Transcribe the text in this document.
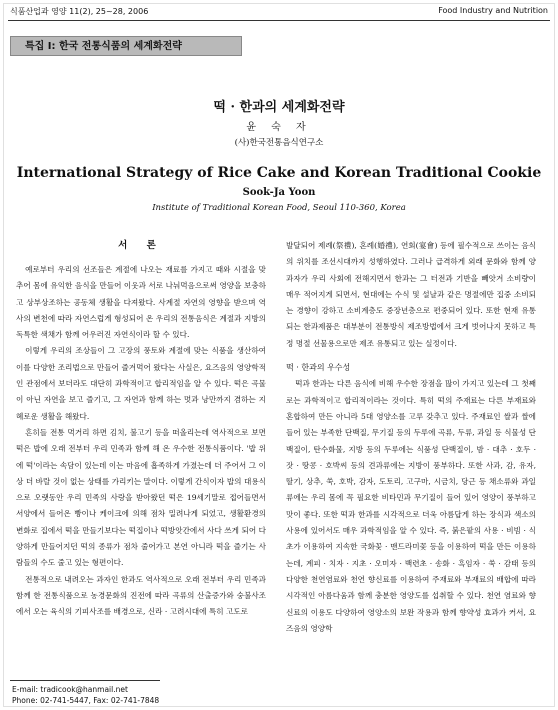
식품산업과 영양 11(2), 25~28, 2006	Food Industry and Nutrition
특집 Ⅰ: 한국 전통식품의 세계화전략
떡 · 한과의 세계화전략
윤 숙 자
(사)한국전통음식연구소
International Strategy of Rice Cake and Korean Traditional Cookie
Sook-Ja Yoon
Institute of Traditional Korean Food, Seoul 110-360, Korea
서 론

예로부터 우리의 선조들은 계절에 나오는 재료를 가지고 때와 시절을 맞추어 몸에 유익한 음식을 만들어 이웃과 서로 나눠먹음으로써 영양을 보충하고 상부상조하는 공동체 생활을 다져왔다. 사계절 자연의 영향을 받으며 역사의 변천에 따라 자연스럽게 형성되어 온 우리의 전통음식은 계절과 지방의 독특한 색채가 함께 어우러진 자연식이라 할 수 있다.

이렇게 우리의 조상들이 그 고장의 풍토와 계절에 맞는 식품을 생산하여 이를 다양한 조리법으로 만들어 즐겨먹어 왔다는 사실은, 요즈음의 영양학적인 관점에서 보더라도 대단히 과학적이고 합리적임을 알 수 있다. 떡은 곡물이 아닌 자연을 보고 즐기고, 그 자연과 함께 하는 멋과 낭만까지 겸하는 지혜로운 생활을 해왔다.

흔히들 전통 먹거리 하면 김치, 불고기 등을 떠올리는데 역사적으로 보면 떡은 밥에 오래 전부터 우리 민족과 함께 해 온 우수한 전통식품이다. '밥 위에 떡'이라는 속담이 있는데 이는 마음에 흡족하게 가졌는데 더 주어서 그 이상 더 바랄 것이 없는 상태를 가리키는 말이다. 이렇게 간식이자 밥의 대용식으로 오랫동안 우리 민족의 사랑을 받아왔던 떡은 19세기말로 접어들면서 서양에서 들어온 빵이나 케이크에 의해 점차 밀려나게 되었고, 생활환경의 변화로 집에서 떡을 만들기보다는 떡집이나 떡방앗간에서 사다 쓰게 되어 다양하게 만들어지던 떡의 종류가 점차 줄어가고 본연 아니라 떡을 즐기는 사람들의 수도 줄고 있는 형편이다.

전통적으로 내려오는 과자인 한과도 역사적으로 오래 전부터 우리 민족과 함께 한 전통식품으로 농경문화의 진전에 따라 곡류의 산출증가와 숭불사조에서 오는 육식의 기피사조를 배경으로, 신라 · 고려시대에 특히 고도로

발달되어 제례(祭禮), 혼례(婚禮), 연회(宴會) 등에 필수적으로 쓰이는 음식의 위치를 조선시대까지 성행하였다. 그러나 급격하게 외래 문화와 함께 양과자가 우리 사회에 전해지면서 한과는 그 터전과 기반을 빼앗겨 소비량이 매우 적어지게 되면서, 현대에는 수식 및 설날과 같은 명절에만 집중 소비되는 경향이 강하고 소비계층도 중장년층으로 편중되어 있다. 또한 현재 유통되는 한과제품은 대부분이 전통방식 제조방법에서 크게 벗어나지 못하고 특정 명절 선물용으로만 제조 유통되고 있는 실정이다.

떡 · 한과의 우수성

떡과 한과는 다른 음식에 비해 우수한 장점을 많이 가지고 있는데 그 첫째로는 과학적이고 합리적이라는 것이다. 특히 떡의 주재료는 다른 부재료와 혼합하여 만든 아니라 5대 영양소를 고루 갖추고 있다. 주재료인 쌀과 쌀에 들어 있는 부족한 단백질, 무기질 등의 두루에 곡류, 두류, 과일 등 식물성 단백질이, 탄수화물, 지방 등의 두루에는 식품성 단백질이, 밤 · 대추 · 호두 · 잣 · 땅콩 · 호박씨 등의 견과류에는 지방이 풍부하다. 또한 사과, 감, 유자, 딸기, 상추, 쑥, 호박, 감자, 도토리, 고구마, 시금치, 당근 등 채소류와 과일류에는 우리 몸에 꼭 필요한 비타민과 무기질이 들어 있어 영양이 풍부하고 맛이 좋다. 또한 떡과 한과를 시각적으로 더욱 아름답게 하는 장식과 색소의 사용에 있어서도 매우 과학적임을 알 수 있다. 즉, 붉은팥의 사용 · 비빔 · 식초가 이용하여 지속한 국화꽃 · 맨드라미꽃 등을 이용하여 떡을 만든 이용하는데, 계피 · 치자 · 지초 · 오미자 · 백련초 · 송화 · 흑임자 · 쑥 · 감태 등의 다양한 천연염료와 천연 향신료를 이용하여 주재료와 부재료의 배합에 따라 시각적인 아름다움과 함께 충분한 영양도를 섭취할 수 있다. 천연 염료와 향신료의 이용도 다양하여 영양소의 보완 작용과 함께 향약성 효과가 커서, 요즈음의 영양학

E-mail: tradicook@hanmail.net
Phone: 02-741-5447, Fax: 02-741-7848
